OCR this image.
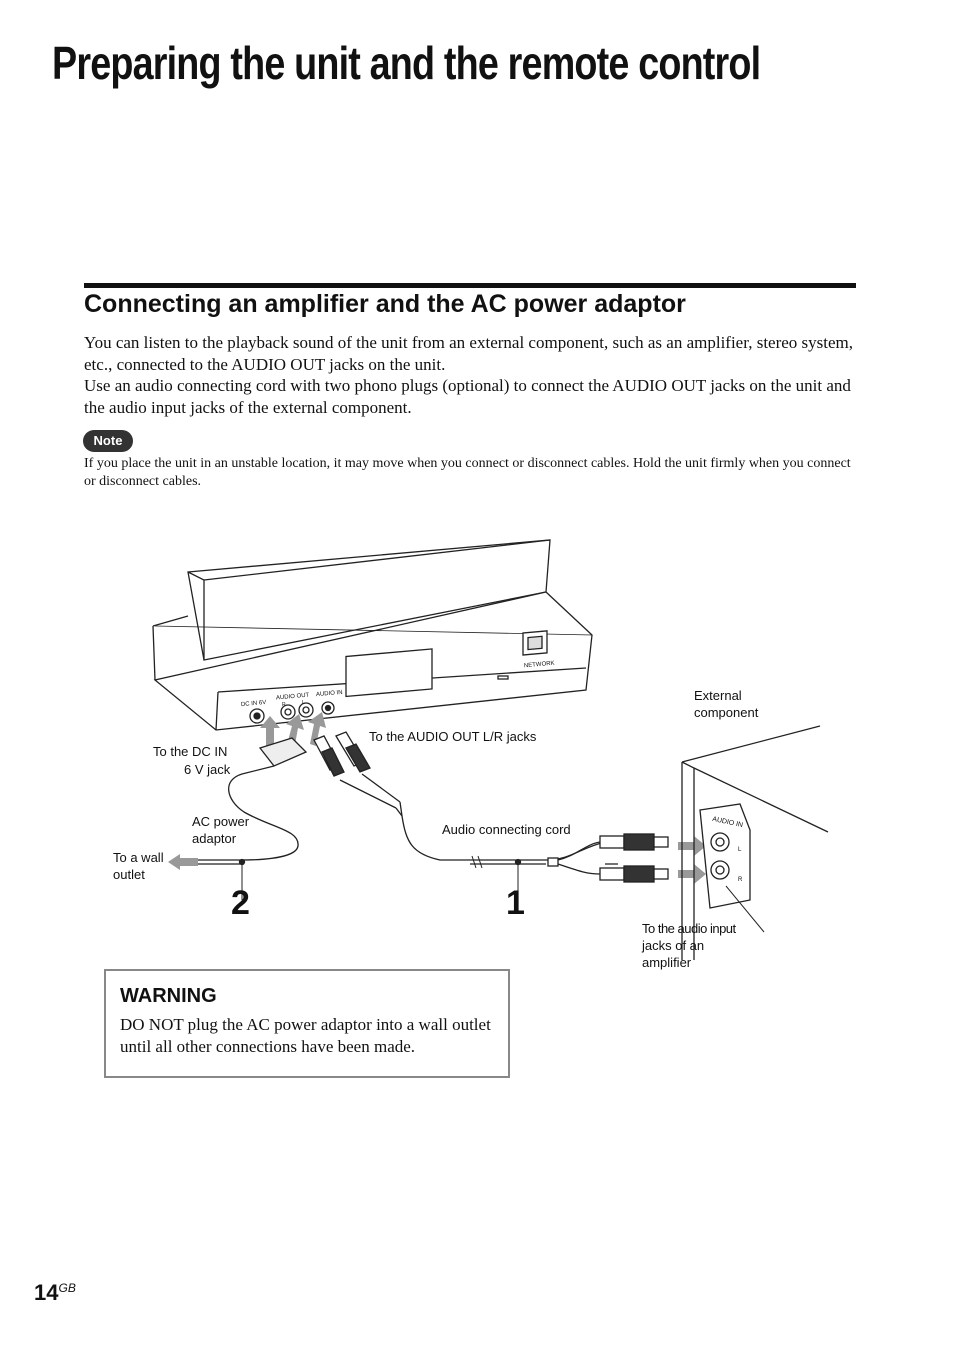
Preparing the unit and the remote control
Connecting an amplifier and the AC power adaptor
You can listen to the playback sound of the unit from an external component, such as an amplifier, stereo system, etc., connected to the AUDIO OUT jacks on the unit.
Use an audio connecting cord with two phono plugs (optional) to connect the AUDIO OUT jacks on the unit and the audio input jacks of the external component.
Note
If you place the unit in an unstable location, it may move when you connect or disconnect cables. Hold the unit firmly when you connect or disconnect cables.
DC IN 6V
AUDIO OUT AUDIO IN
R	L
NETWORK
AUDIO IN
L
R
To the DC IN
6 V jack
To the AUDIO OUT L/R jacks
External
component
AC power
adaptor
To a wall
outlet
Audio connecting cord
To the audio input
jacks of an
amplifier
2	1
WARNING
DO NOT plug the AC power adaptor into a wall outlet until all other connections have been made.
$14^{GB}$
